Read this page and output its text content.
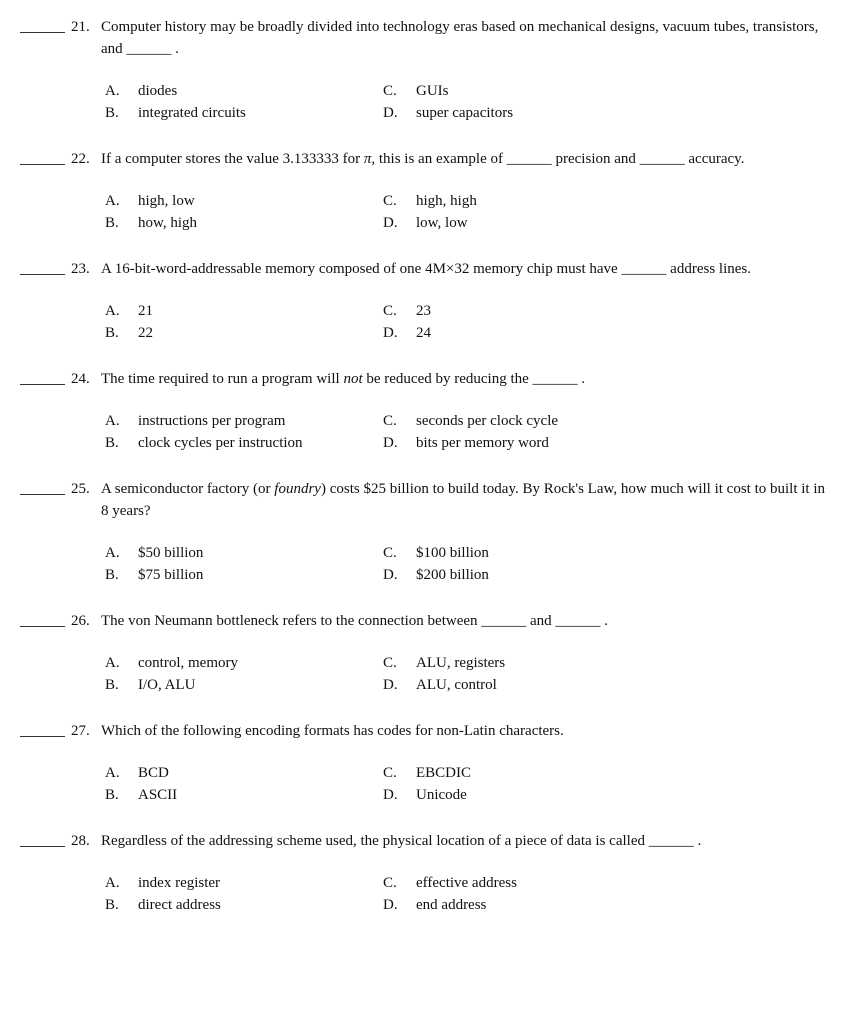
21. Computer history may be broadly divided into technology eras based on mechanical designs, vacuum tubes, transistors, and ______ .
A.	diodes
B.	integrated circuits
C.	GUIs
D.	super capacitors
22. If a computer stores the value 3.133333 for π, this is an example of ______ precision and ______ accuracy.
A.	high, low
B.	how, high
C.	high, high
D.	low, low
23. A 16-bit-word-addressable memory composed of one 4M×32 memory chip must have ______ address lines.
A.	21
B.	22
C.	23
D.	24
24. The time required to run a program will not be reduced by reducing the ______ .
A.	instructions per program
B.	clock cycles per instruction
C.	seconds per clock cycle
D.	bits per memory word
25. A semiconductor factory (or foundry) costs $25 billion to build today. By Rock's Law, how much will it cost to built it in 8 years?
A.	$50 billion
B.	$75 billion
C.	$100 billion
D.	$200 billion
26. The von Neumann bottleneck refers to the connection between ______ and ______ .
A.	control, memory
B.	I/O, ALU
C.	ALU, registers
D.	ALU, control
27. Which of the following encoding formats has codes for non-Latin characters.
A.	BCD
B.	ASCII
C.	EBCDIC
D.	Unicode
28. Regardless of the addressing scheme used, the physical location of a piece of data is called ______ .
A.	index register
B.	direct address
C.	effective address
D.	end address
